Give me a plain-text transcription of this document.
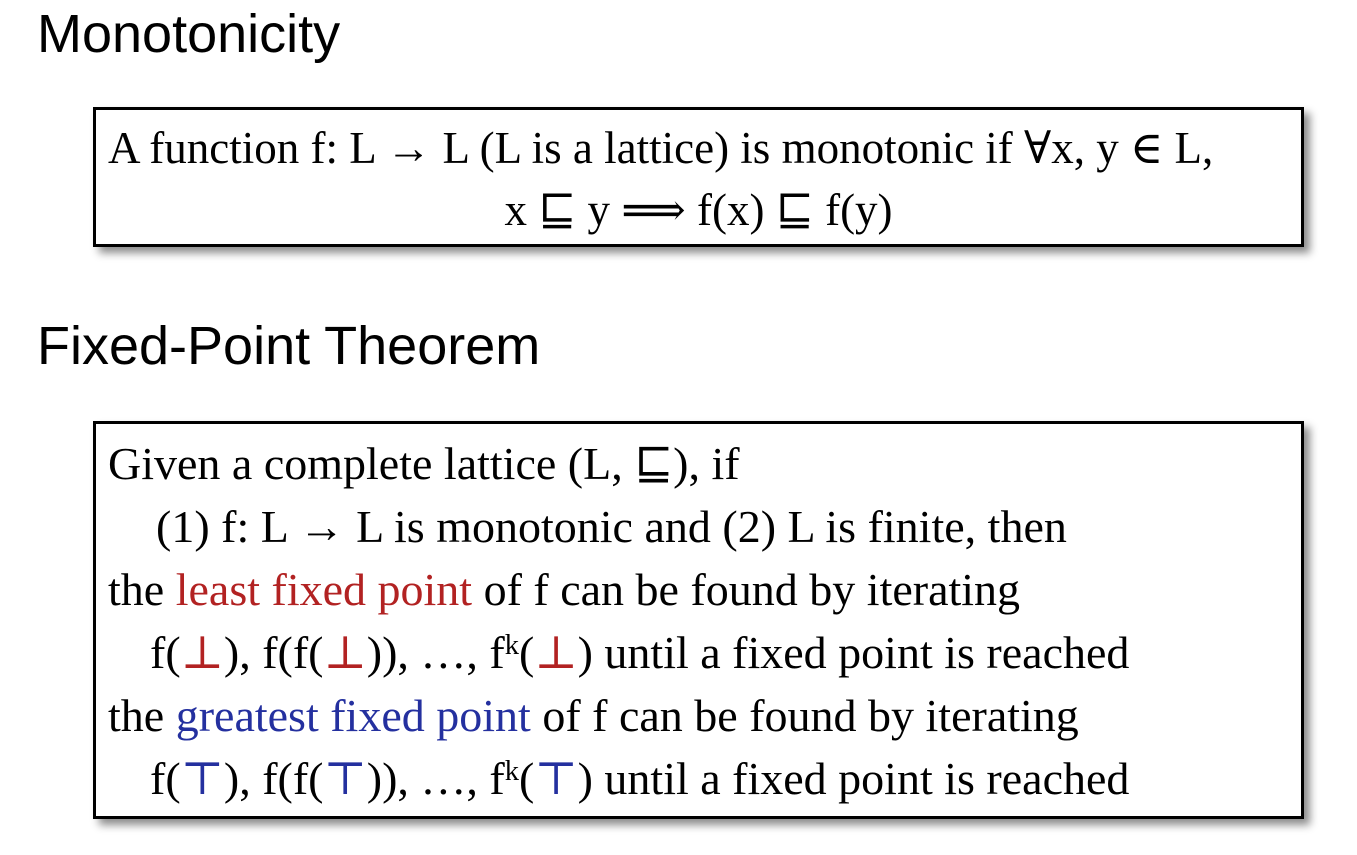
Monotonicity
A function f: L → L (L is a lattice) is monotonic if ∀x, y ∈ L,
x ⊑ y ⟹ f(x) ⊑ f(y)
Fixed-Point Theorem
Given a complete lattice (L, ⊑), if
(1) f: L → L is monotonic and (2) L is finite, then
the least fixed point of f can be found by iterating
f(⊥), f(f(⊥)), …, $f^k(\perp)$ until a fixed point is reached
the greatest fixed point of f can be found by iterating
f(⊤), f(f(⊤)), …, $f^k(⊤)$ until a fixed point is reached
